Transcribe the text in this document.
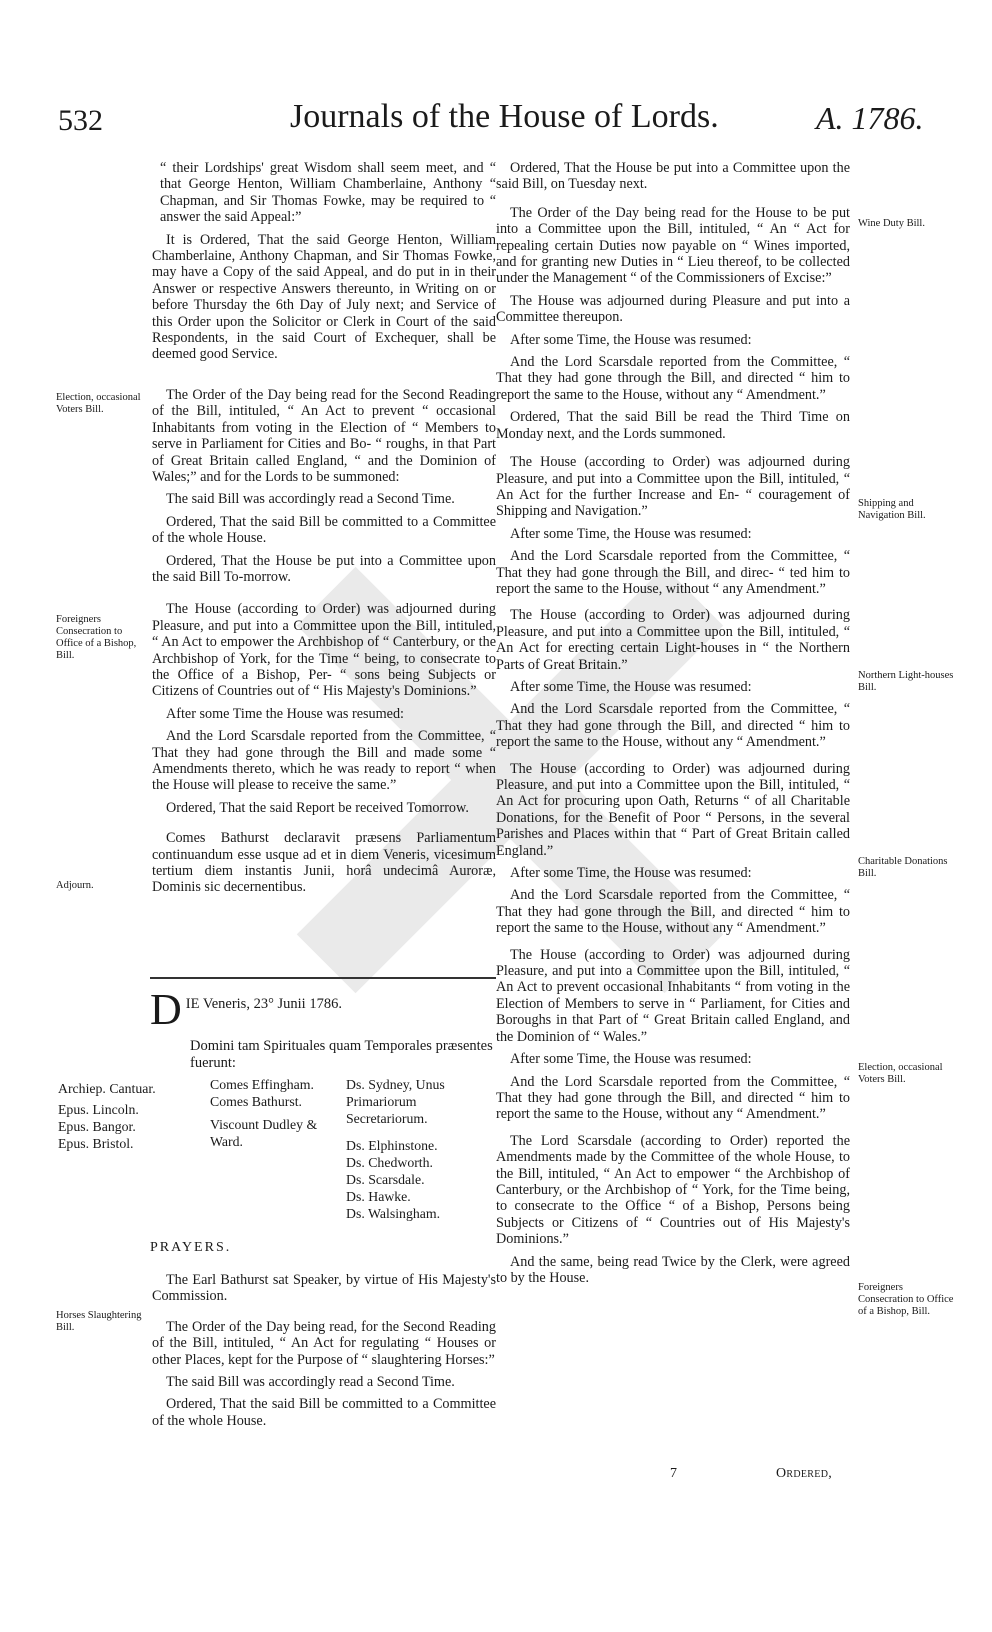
532	Journals of the House of Lords.	A. 1786.
Election, occasional Voters Bill.
Foreigners Consecration to Office of a Bishop, Bill.
Adjourn.
Horses Slaughtering Bill.

“ their Lordships' great Wisdom shall seem meet, and “ that George Henton, William Chamberlaine, Anthony “ Chapman, and Sir Thomas Fowke, may be required to “ answer the said Appeal:”

It is Ordered, That the said George Henton, William Chamberlaine, Anthony Chapman, and Sir Thomas Fowke, may have a Copy of the said Appeal, and do put in in their Answer or respective Answers thereunto, in Writing on or before Thursday the 6th Day of July next; and Service of this Order upon the Solicitor or Clerk in Court of the said Respondents, in the said Court of Exchequer, shall be deemed good Service.

The Order of the Day being read for the Second Reading of the Bill, intituled, “ An Act to prevent “ occasional Inhabitants from voting in the Election of “ Members to serve in Parliament for Cities and Bo- “ roughs, in that Part of Great Britain called England, “ and the Dominion of Wales;” and for the Lords to be summoned:

The said Bill was accordingly read a Second Time.

Ordered, That the said Bill be committed to a Committee of the whole House.

Ordered, That the House be put into a Committee upon the said Bill To-morrow.

The House (according to Order) was adjourned during Pleasure, and put into a Committee upon the Bill, intituled, “ An Act to empower the Archbishop of “ Canterbury, or the Archbishop of York, for the Time “ being, to consecrate to the Office of a Bishop, Per- “ sons being Subjects or Citizens of Countries out of “ His Majesty's Dominions.”

After some Time the House was resumed:

And the Lord Scarsdale reported from the Committee, “ That they had gone through the Bill and made some “ Amendments thereto, which he was ready to report “ when the House will please to receive the same.”

Ordered, That the said Report be received Tomorrow.

Comes Bathurst declaravit præsens Parliamentum continuandum esse usque ad et in diem Veneris, vicesimum tertium diem instantis Junii, horâ undecimâ Auroræ, Dominis sic decernentibus.

D IE Veneris, 23° Junii 1786.
Domini tam Spirituales quam Temporales præsentes fuerunt:
Archiep. Cantuar.
Epus. Lincoln.
Epus. Bangor.
Epus. Bristol.
Comes Effingham.
Comes Bathurst.
Viscount Dudley & Ward.
Ds. Sydney, Unus Primariorum Secretariorum.
Ds. Elphinstone.
Ds. Chedworth.
Ds. Scarsdale.
Ds. Hawke.
Ds. Walsingham.
PRAYERS.

The Earl Bathurst sat Speaker, by virtue of His Majesty's Commission.

The Order of the Day being read, for the Second Reading of the Bill, intituled, “ An Act for regulating “ Houses or other Places, kept for the Purpose of “ slaughtering Horses:”

The said Bill was accordingly read a Second Time.

Ordered, That the said Bill be committed to a Committee of the whole House.

Wine Duty Bill.
Shipping and Navigation Bill.
Northern Light-houses Bill.
Charitable Donations Bill.
Election, occasional Voters Bill.
Foreigners Consecration to Office of a Bishop, Bill.

Ordered, That the House be put into a Committee upon the said Bill, on Tuesday next.

The Order of the Day being read for the House to be put into a Committee upon the Bill, intituled, “ An “ Act for repealing certain Duties now payable on “ Wines imported, and for granting new Duties in “ Lieu thereof, to be collected under the Management “ of the Commissioners of Excise:”

The House was adjourned during Pleasure and put into a Committee thereupon.

After some Time, the House was resumed:

And the Lord Scarsdale reported from the Committee, “ That they had gone through the Bill, and directed “ him to report the same to the House, without any “ Amendment.”

Ordered, That the said Bill be read the Third Time on Monday next, and the Lords summoned.

The House (according to Order) was adjourned during Pleasure, and put into a Committee upon the Bill, intituled, “ An Act for the further Increase and En- “ couragement of Shipping and Navigation.”

After some Time, the House was resumed:

And the Lord Scarsdale reported from the Committee, “ That they had gone through the Bill, and direc- “ ted him to report the same to the House, without “ any Amendment.”

The House (according to Order) was adjourned during Pleasure, and put into a Committee upon the Bill, intituled, “ An Act for erecting certain Light-houses in “ the Northern Parts of Great Britain.”

After some Time, the House was resumed:

And the Lord Scarsdale reported from the Committee, “ That they had gone through the Bill, and directed “ him to report the same to the House, without any “ Amendment.”

The House (according to Order) was adjourned during Pleasure, and put into a Committee upon the Bill, intituled, “ An Act for procuring upon Oath, Returns “ of all Charitable Donations, for the Benefit of Poor “ Persons, in the several Parishes and Places within that “ Part of Great Britain called England.”

After some Time, the House was resumed:

And the Lord Scarsdale reported from the Committee, “ That they had gone through the Bill, and directed “ him to report the same to the House, without any “ Amendment.”

The House (according to Order) was adjourned during Pleasure, and put into a Committee upon the Bill, intituled, “ An Act to prevent occasional Inhabitants “ from voting in the Election of Members to serve in “ Parliament, for Cities and Boroughs in that Part of “ Great Britain called England, and the Dominion of “ Wales.”

After some Time, the House was resumed:

And the Lord Scarsdale reported from the Committee, “ That they had gone through the Bill, and directed “ him to report the same to the House, without any “ Amendment.”

The Lord Scarsdale (according to Order) reported the Amendments made by the Committee of the whole House, to the Bill, intituled, “ An Act to empower “ the Archbishop of Canterbury, or the Archbishop of “ York, for the Time being, to consecrate to the Office “ of a Bishop, Persons being Subjects or Citizens of “ Countries out of His Majesty's Dominions.”

And the same, being read Twice by the Clerk, were agreed to by the House.

7	Ordered,
